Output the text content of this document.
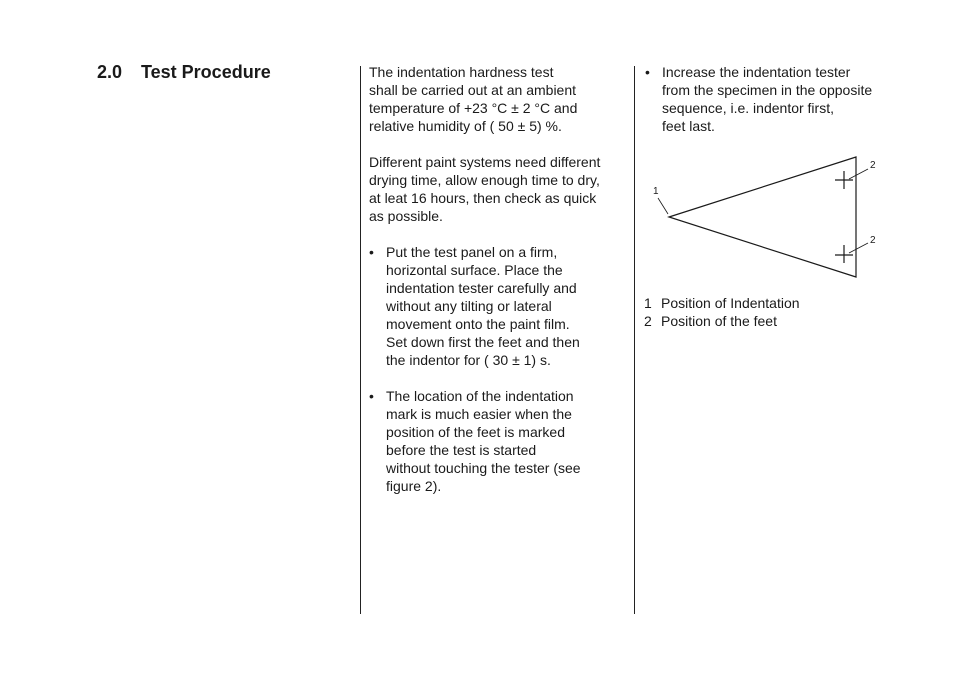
2.0 Test Procedure	The indentation hardness test
shall be carried out at an ambient
temperature of +23 °C ± 2 °C and
relative humidity of ( 50 ± 5) %.

Different paint systems need different
drying time, allow enough time to dry,
at leat 16 hours, then check as quick
as possible.

• Put the test panel on a firm,
horizontal surface. Place the
indentation tester carefully and
without any tilting or lateral
movement onto the paint film.
Set down first the feet and then
the indentor for ( 30 ± 1) s.
• The location of the indentation
mark is much easier when the
position of the feet is marked
before the test is started
without touching the tester (see
figure 2).
• Increase the indentation tester
from the specimen in the opposite
sequence, i.e. indentor first,
feet last.
1
2
2
1 Position of Indentation
2 Position of the feet
